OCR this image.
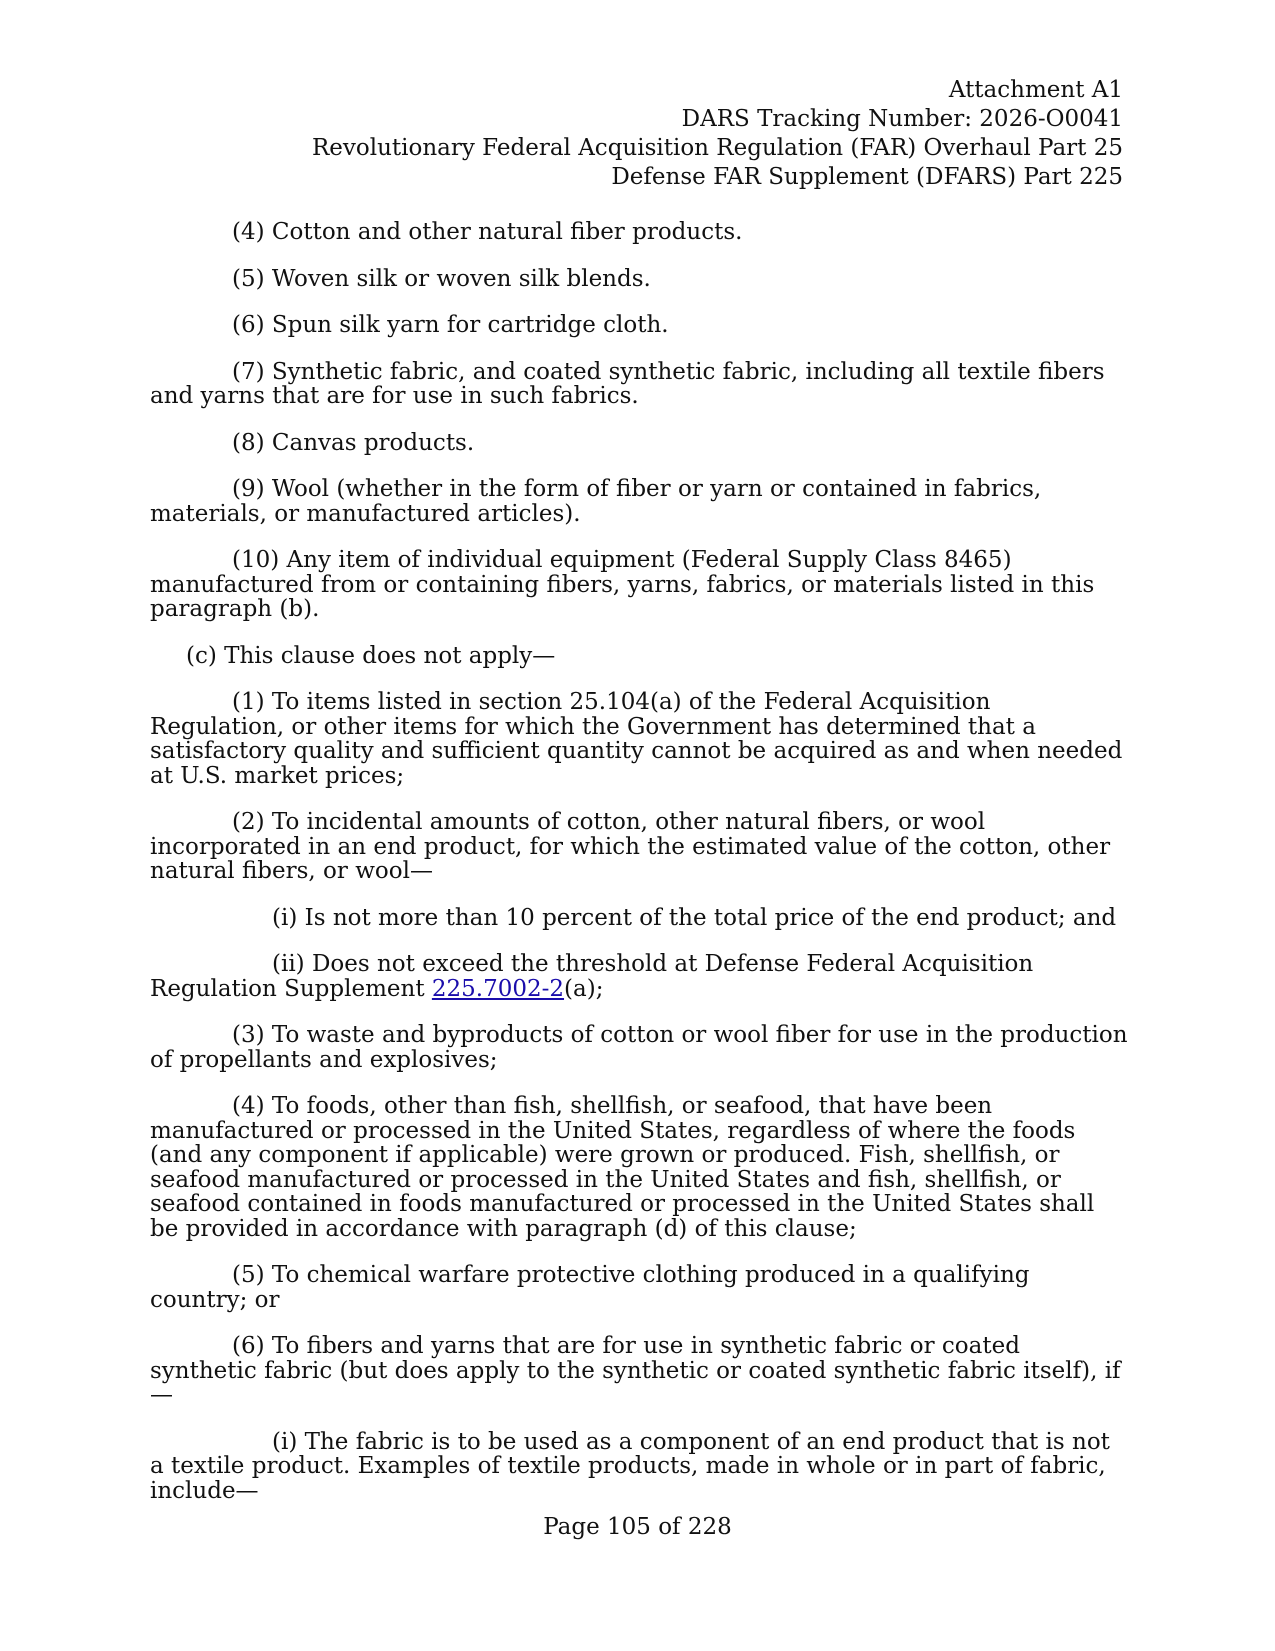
Attachment A1
DARS Tracking Number: 2026-O0041
Revolutionary Federal Acquisition Regulation (FAR) Overhaul Part 25
Defense FAR Supplement (DFARS) Part 225

(4) Cotton and other natural fiber products.

(5) Woven silk or woven silk blends.

(6) Spun silk yarn for cartridge cloth.

(7) Synthetic fabric, and coated synthetic fabric, including all textile fibers and yarns that are for use in such fabrics.

(8) Canvas products.

(9) Wool (whether in the form of fiber or yarn or contained in fabrics, materials, or manufactured articles).

(10) Any item of individual equipment (Federal Supply Class 8465) manufactured from or containing fibers, yarns, fabrics, or materials listed in this paragraph (b).

(c) This clause does not apply—

(1) To items listed in section 25.104(a) of the Federal Acquisition Regulation, or other items for which the Government has determined that a satisfactory quality and sufficient quantity cannot be acquired as and when needed at U.S. market prices;

(2) To incidental amounts of cotton, other natural fibers, or wool incorporated in an end product, for which the estimated value of the cotton, other natural fibers, or wool—

(i) Is not more than 10 percent of the total price of the end product; and

(ii) Does not exceed the threshold at Defense Federal Acquisition Regulation Supplement 225.7002-2(a);

(3) To waste and byproducts of cotton or wool fiber for use in the production of propellants and explosives;

(4) To foods, other than fish, shellfish, or seafood, that have been manufactured or processed in the United States, regardless of where the foods (and any component if applicable) were grown or produced. Fish, shellfish, or seafood manufactured or processed in the United States and fish, shellfish, or seafood contained in foods manufactured or processed in the United States shall be provided in accordance with paragraph (d) of this clause;

(5) To chemical warfare protective clothing produced in a qualifying country; or

(6) To fibers and yarns that are for use in synthetic fabric or coated synthetic fabric (but does apply to the synthetic or coated synthetic fabric itself), if—

(i) The fabric is to be used as a component of an end product that is not a textile product. Examples of textile products, made in whole or in part of fabric, include—

Page 105 of 228
